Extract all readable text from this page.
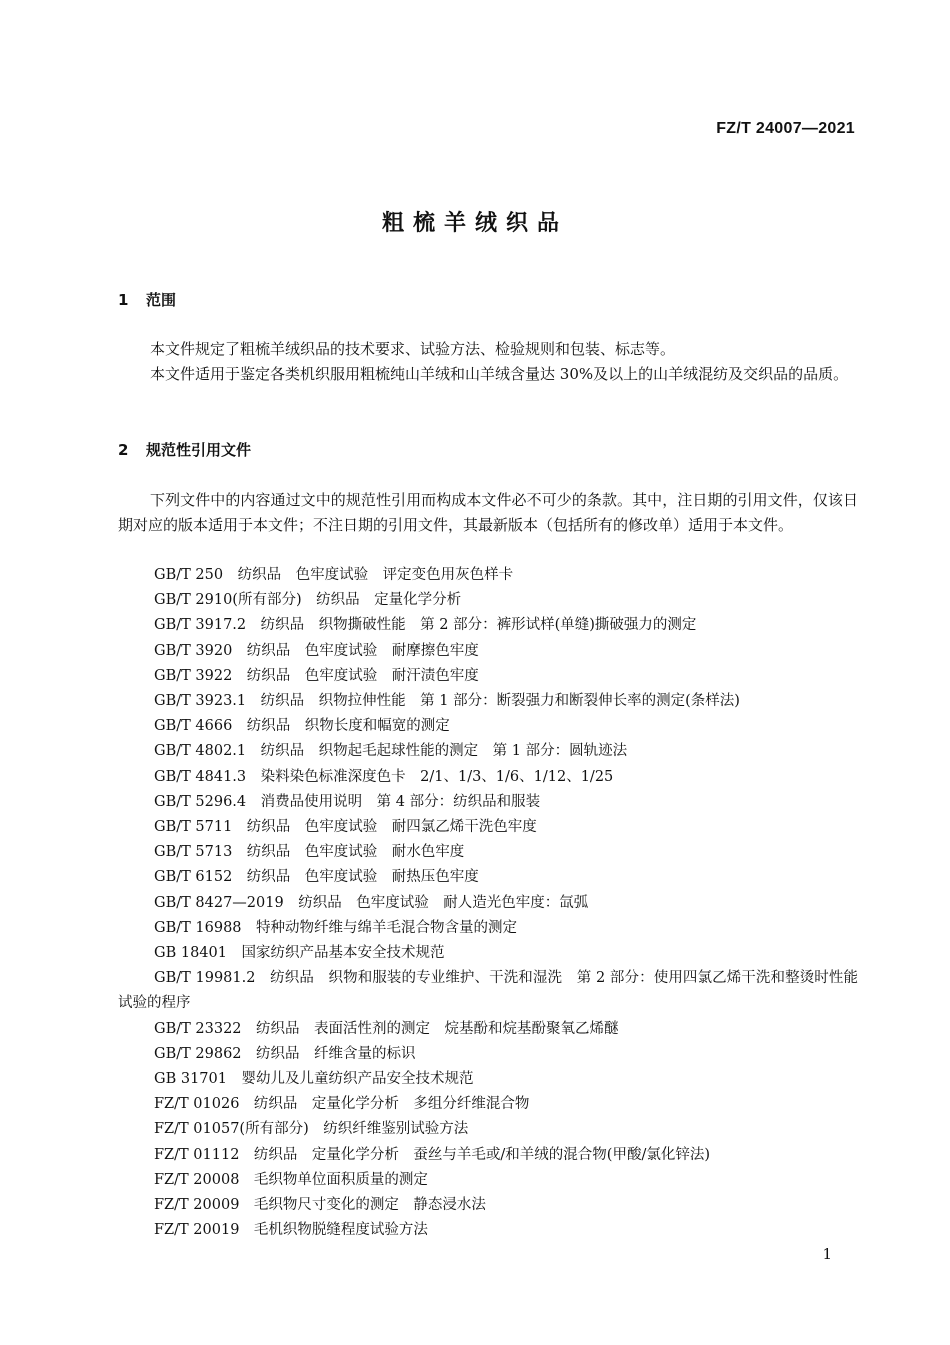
FZ/T 24007—2021
粗梳羊绒织品
1 范围

本文件规定了粗梳羊绒织品的技术要求、试验方法、检验规则和包装、标志等。

本文件适用于鉴定各类机织服用粗梳纯山羊绒和山羊绒含量达 30%及以上的山羊绒混纺及交织品的品质。

2 规范性引用文件

下列文件中的内容通过文中的规范性引用而构成本文件必不可少的条款。其中，注日期的引用文件，仅该日期对应的版本适用于本文件；不注日期的引用文件，其最新版本（包括所有的修改单）适用于本文件。

GB/T 250　纺织品　色牢度试验　评定变色用灰色样卡
GB/T 2910(所有部分)　纺织品　定量化学分析
GB/T 3917.2　纺织品　织物撕破性能　第 2 部分：裤形试样(单缝)撕破强力的测定
GB/T 3920　纺织品　色牢度试验　耐摩擦色牢度
GB/T 3922　纺织品　色牢度试验　耐汗渍色牢度
GB/T 3923.1　纺织品　织物拉伸性能　第 1 部分：断裂强力和断裂伸长率的测定(条样法)
GB/T 4666　纺织品　织物长度和幅宽的测定
GB/T 4802.1　纺织品　织物起毛起球性能的测定　第 1 部分：圆轨迹法
GB/T 4841.3　染料染色标准深度色卡　2/1、1/3、1/6、1/12、1/25
GB/T 5296.4　消费品使用说明　第 4 部分：纺织品和服装
GB/T 5711　纺织品　色牢度试验　耐四氯乙烯干洗色牢度
GB/T 5713　纺织品　色牢度试验　耐水色牢度
GB/T 6152　纺织品　色牢度试验　耐热压色牢度
GB/T 8427—2019　纺织品　色牢度试验　耐人造光色牢度：氙弧
GB/T 16988　特种动物纤维与绵羊毛混合物含量的测定
GB 18401　国家纺织产品基本安全技术规范
GB/T 19981.2　纺织品　织物和服装的专业维护、干洗和湿洗　第 2 部分：使用四氯乙烯干洗和整烫时性能试验的程序
GB/T 23322　纺织品　表面活性剂的测定　烷基酚和烷基酚聚氧乙烯醚
GB/T 29862　纺织品　纤维含量的标识
GB 31701　婴幼儿及儿童纺织产品安全技术规范
FZ/T 01026　纺织品　定量化学分析　多组分纤维混合物
FZ/T 01057(所有部分)　纺织纤维鉴别试验方法
FZ/T 01112　纺织品　定量化学分析　蚕丝与羊毛或/和羊绒的混合物(甲酸/氯化锌法)
FZ/T 20008　毛织物单位面积质量的测定
FZ/T 20009　毛织物尺寸变化的测定　静态浸水法
FZ/T 20019　毛机织物脱缝程度试验方法
1
